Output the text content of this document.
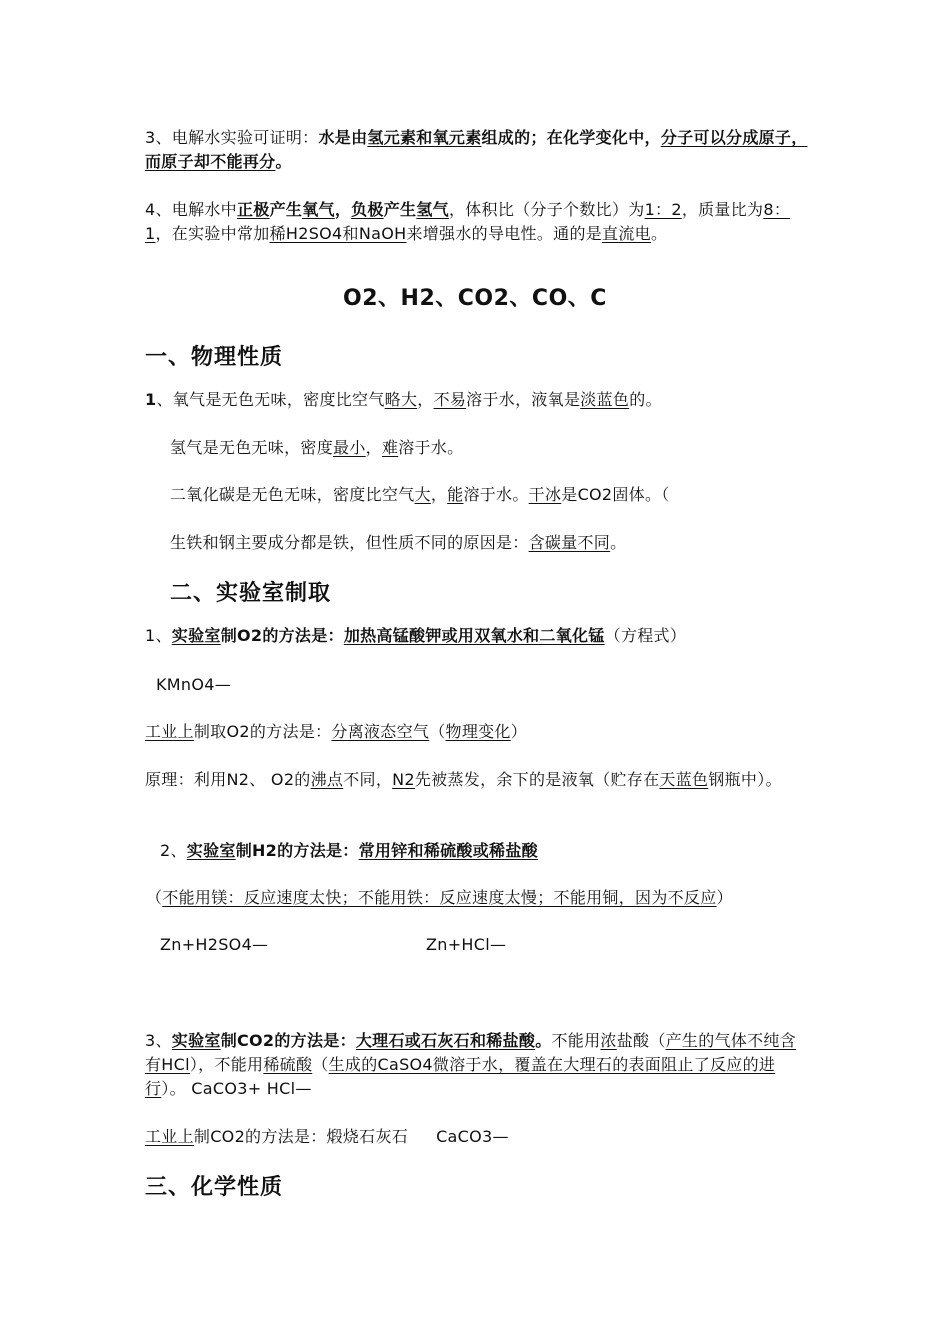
3、电解水实验可证明：水是由氢元素和氧元素组成的；在化学变化中，分子可以分成原子，而原子却不能再分。
4、电解水中正极产生氧气，负极产生氢气，体积比（分子个数比）为1：2，质量比为8：1，在实验中常加稀H2SO4和NaOH来增强水的导电性。通的是直流电。
O2、H2、CO2、CO、C
一、物理性质
1、氧气是无色无味，密度比空气略大，不易溶于水，液氧是淡蓝色的。
氢气是无色无味，密度最小，难溶于水。
二氧化碳是无色无味，密度比空气大，能溶于水。干冰是CO2固体。（
生铁和钢主要成分都是铁，但性质不同的原因是：含碳量不同。
二、实验室制取
1、实验室制O2的方法是：加热高锰酸钾或用双氧水和二氧化锰（方程式）
KMnO4—
工业上制取O2的方法是：分离液态空气（物理变化）
原理：利用N2、 O2的沸点不同，N2先被蒸发，余下的是液氧（贮存在天蓝色钢瓶中）。
2、实验室制H2的方法是：常用锌和稀硫酸或稀盐酸
（不能用镁：反应速度太快；不能用铁：反应速度太慢；不能用铜，因为不反应）
Zn+H2SO4—	Zn+HCl—
3、实验室制CO2的方法是：大理石或石灰石和稀盐酸。不能用浓盐酸（产生的气体不纯含有HCl），不能用稀硫酸（生成的CaSO4微溶于水，覆盖在大理石的表面阻止了反应的进行）。 CaCO3+ HCl—
工业上制CO2的方法是：煅烧石灰石 CaCO3—
三、化学性质
